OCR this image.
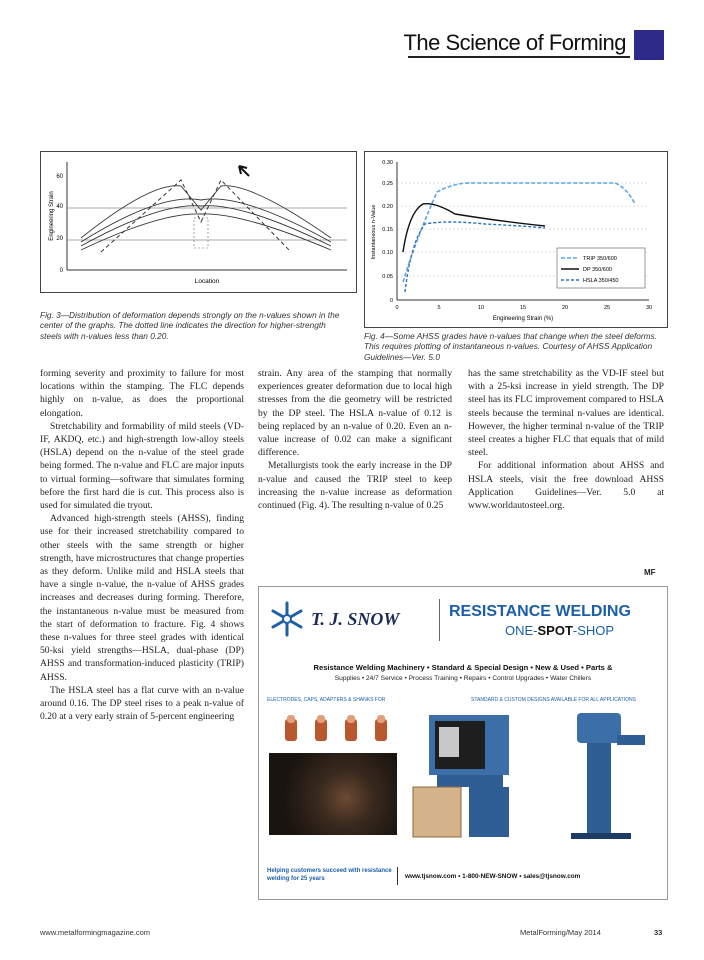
The Science of Forming
60
40
20
0
Location
Engineering Strain
Fig. 3—Distribution of deformation depends strongly on the n-values shown in the center of the graphs. The dotted line indicates the direction for higher-strength steels with n-values less than 0.20.
0.30
0.25
0.20
0.15
0.10
0.05
0
0	5	10	15	20	25	30
TRIP 350/600
DP 350/600
HSLA 350/450
Engineering Strain (%)
Instantaneous n-Value
Fig. 4—Some AHSS grades have n-values that change when the steel deforms. This requires plotting of instantaneous n-values. Courtesy of AHSS Application Guidelines—Ver. 5.0

forming severity and proximity to failure for most locations within the stamping. The FLC depends highly on n-value, as does the proportional elongation.

Stretchability and formability of mild steels (VD-IF, AKDQ, etc.) and high-strength low-alloy steels (HSLA) depend on the n-value of the steel grade being formed. The n-value and FLC are major inputs to virtual forming—software that simulates forming before the first hard die is cut. This process also is used for simulated die tryout.

Advanced high-strength steels (AHSS), finding use for their increased stretchability compared to other steels with the same strength or higher strength, have microstructures that change properties as they deform. Unlike mild and HSLA steels that have a single n-value, the n-value of AHSS grades increases and decreases during forming. Therefore, the instantaneous n-value must be measured from the start of deformation to fracture. Fig. 4 shows these n-values for three steel grades with identical 50-ksi yield strengths—HSLA, dual-phase (DP) AHSS and transformation-induced plasticity (TRIP) AHSS.

The HSLA steel has a flat curve with an n-value around 0.16. The DP steel rises to a peak n-value of 0.20 at a very early strain of 5-percent engineering

strain. Any area of the stamping that normally experiences greater deformation due to local high stresses from the die geometry will be restricted by the DP steel. The HSLA n-value of 0.12 is being replaced by an n-value of 0.20. Even an n-value increase of 0.02 can make a significant difference.

Metallurgists took the early increase in the DP n-value and caused the TRIP steel to keep increasing the n-value increase as deformation continued (Fig. 4). The resulting n-value of 0.25

has the same stretchability as the VD-IF steel but with a 25-ksi increase in yield strength. The DP steel has its FLC improvement compared to HSLA steels because the terminal n-values are identical. However, the higher terminal n-value of the TRIP steel creates a higher FLC that equals that of mild steel.

For additional information about AHSS and HSLA steels, visit the free download AHSS Application Guidelines—Ver. 5.0 at www.worldautosteel.org.

MF
T. J. SNOW	RESISTANCE WELDING
ONE-SPOT-SHOP
Resistance Welding Machinery • Standard & Special Design • New & Used • Parts &
Supplies • 24/7 Service • Process Training • Repairs • Control Upgrades • Water Chillers
ELECTRODES, CAPS, ADAPTERS & SHANKS FOR	STANDARD & CUSTOM DESIGNS AVAILABLE FOR ALL APPLICATIONS
Helping customers succeed with resistance welding for 25 years	www.tjsnow.com • 1-800-NEW-SNOW • sales@tjsnow.com
www.metalformingmagazine.com	MetalForming/May 2014	33
